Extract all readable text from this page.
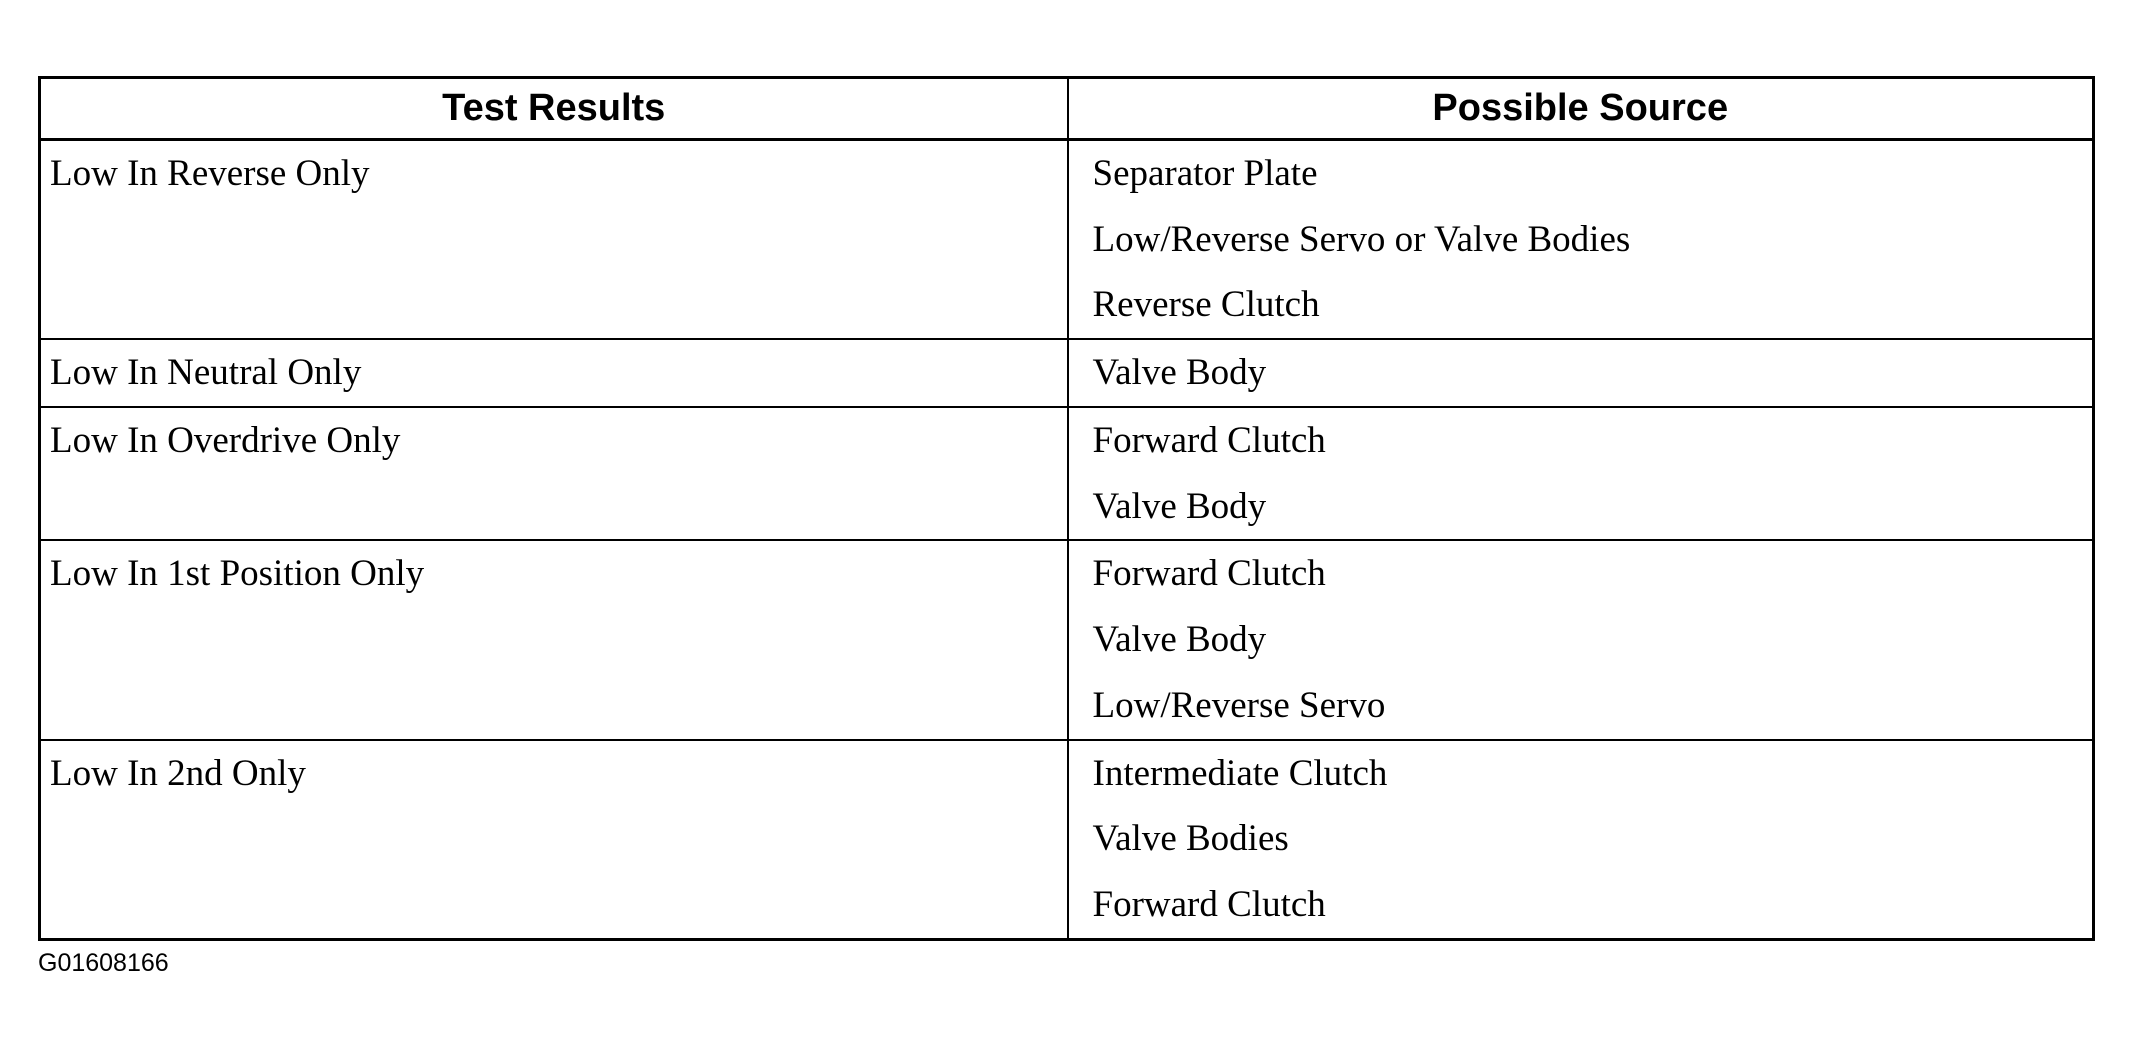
Test Results	Possible Source

Low In Reverse Only	Separator Plate
Low/Reverse Servo or Valve Bodies
Reverse Clutch

Low In Neutral Only	Valve Body

Low In Overdrive Only	Forward Clutch
Valve Body

Low In 1st Position Only	Forward Clutch
Valve Body
Low/Reverse Servo

Low In 2nd Only	Intermediate Clutch
Valve Bodies
Forward Clutch
G01608166
